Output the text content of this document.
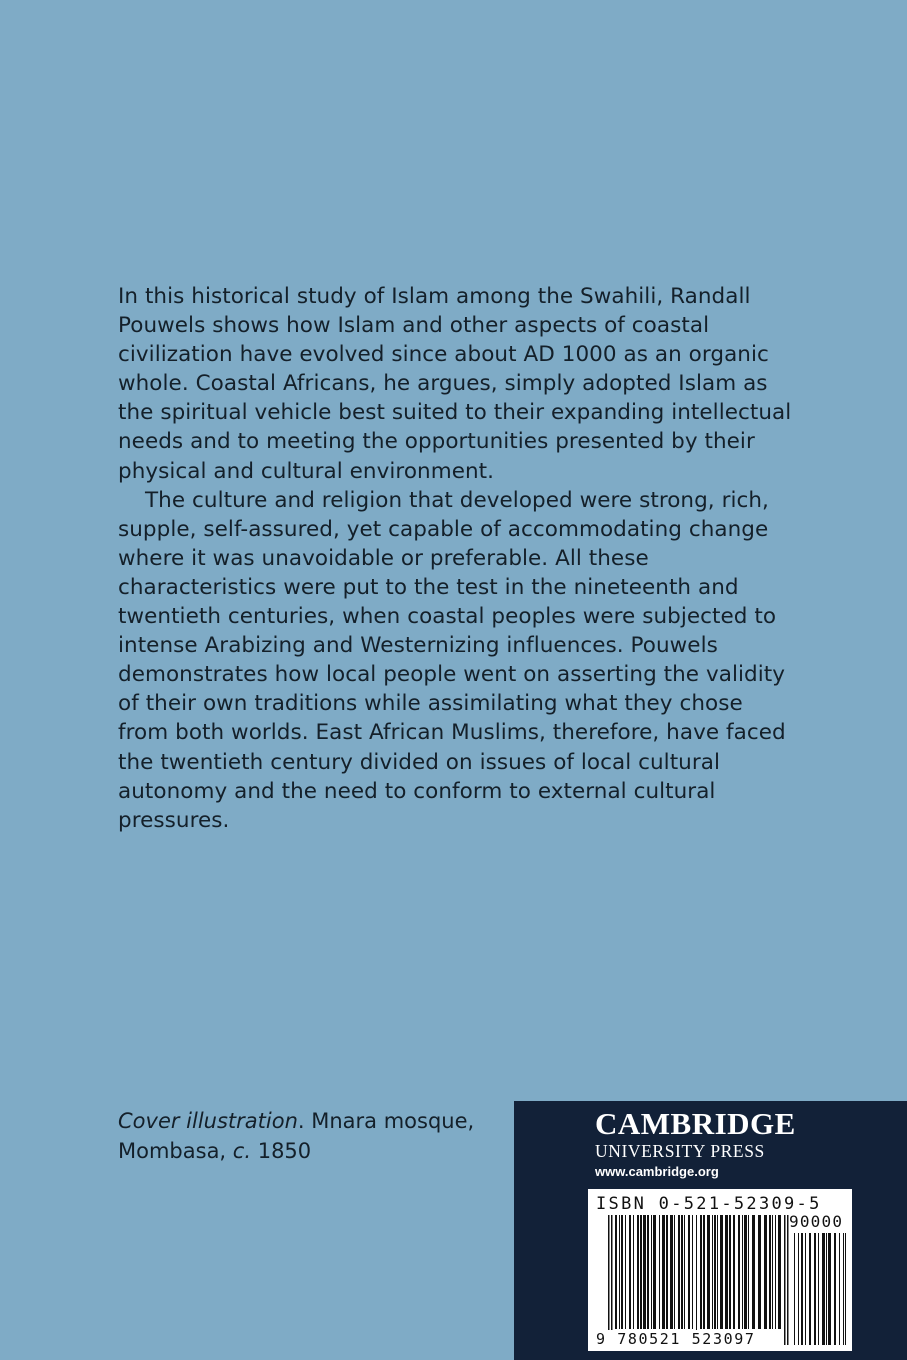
In this historical study of Islam among the Swahili, Randall Pouwels shows how Islam and other aspects of coastal civilization have evolved since about AD 1000 as an organic whole. Coastal Africans, he argues, simply adopted Islam as the spiritual vehicle best suited to their expanding intellectual needs and to meeting the opportunities presented by their physical and cultural environment.

The culture and religion that developed were strong, rich, supple, self-assured, yet capable of accommodating change where it was unavoidable or preferable. All these characteristics were put to the test in the nineteenth and twentieth centuries, when coastal peoples were subjected to intense Arabizing and Westernizing influences. Pouwels demonstrates how local people went on asserting the validity of their own traditions while assimilating what they chose from both worlds. East African Muslims, therefore, have faced the twentieth century divided on issues of local cultural autonomy and the need to conform to external cultural pressures.

Cover illustration. Mnara mosque,
Mombasa, c. 1850
CAMBRIDGE
UNIVERSITY PRESS
www.cambridge.org
ISBN 0-521-52309-5
90000
9 780521 523097
